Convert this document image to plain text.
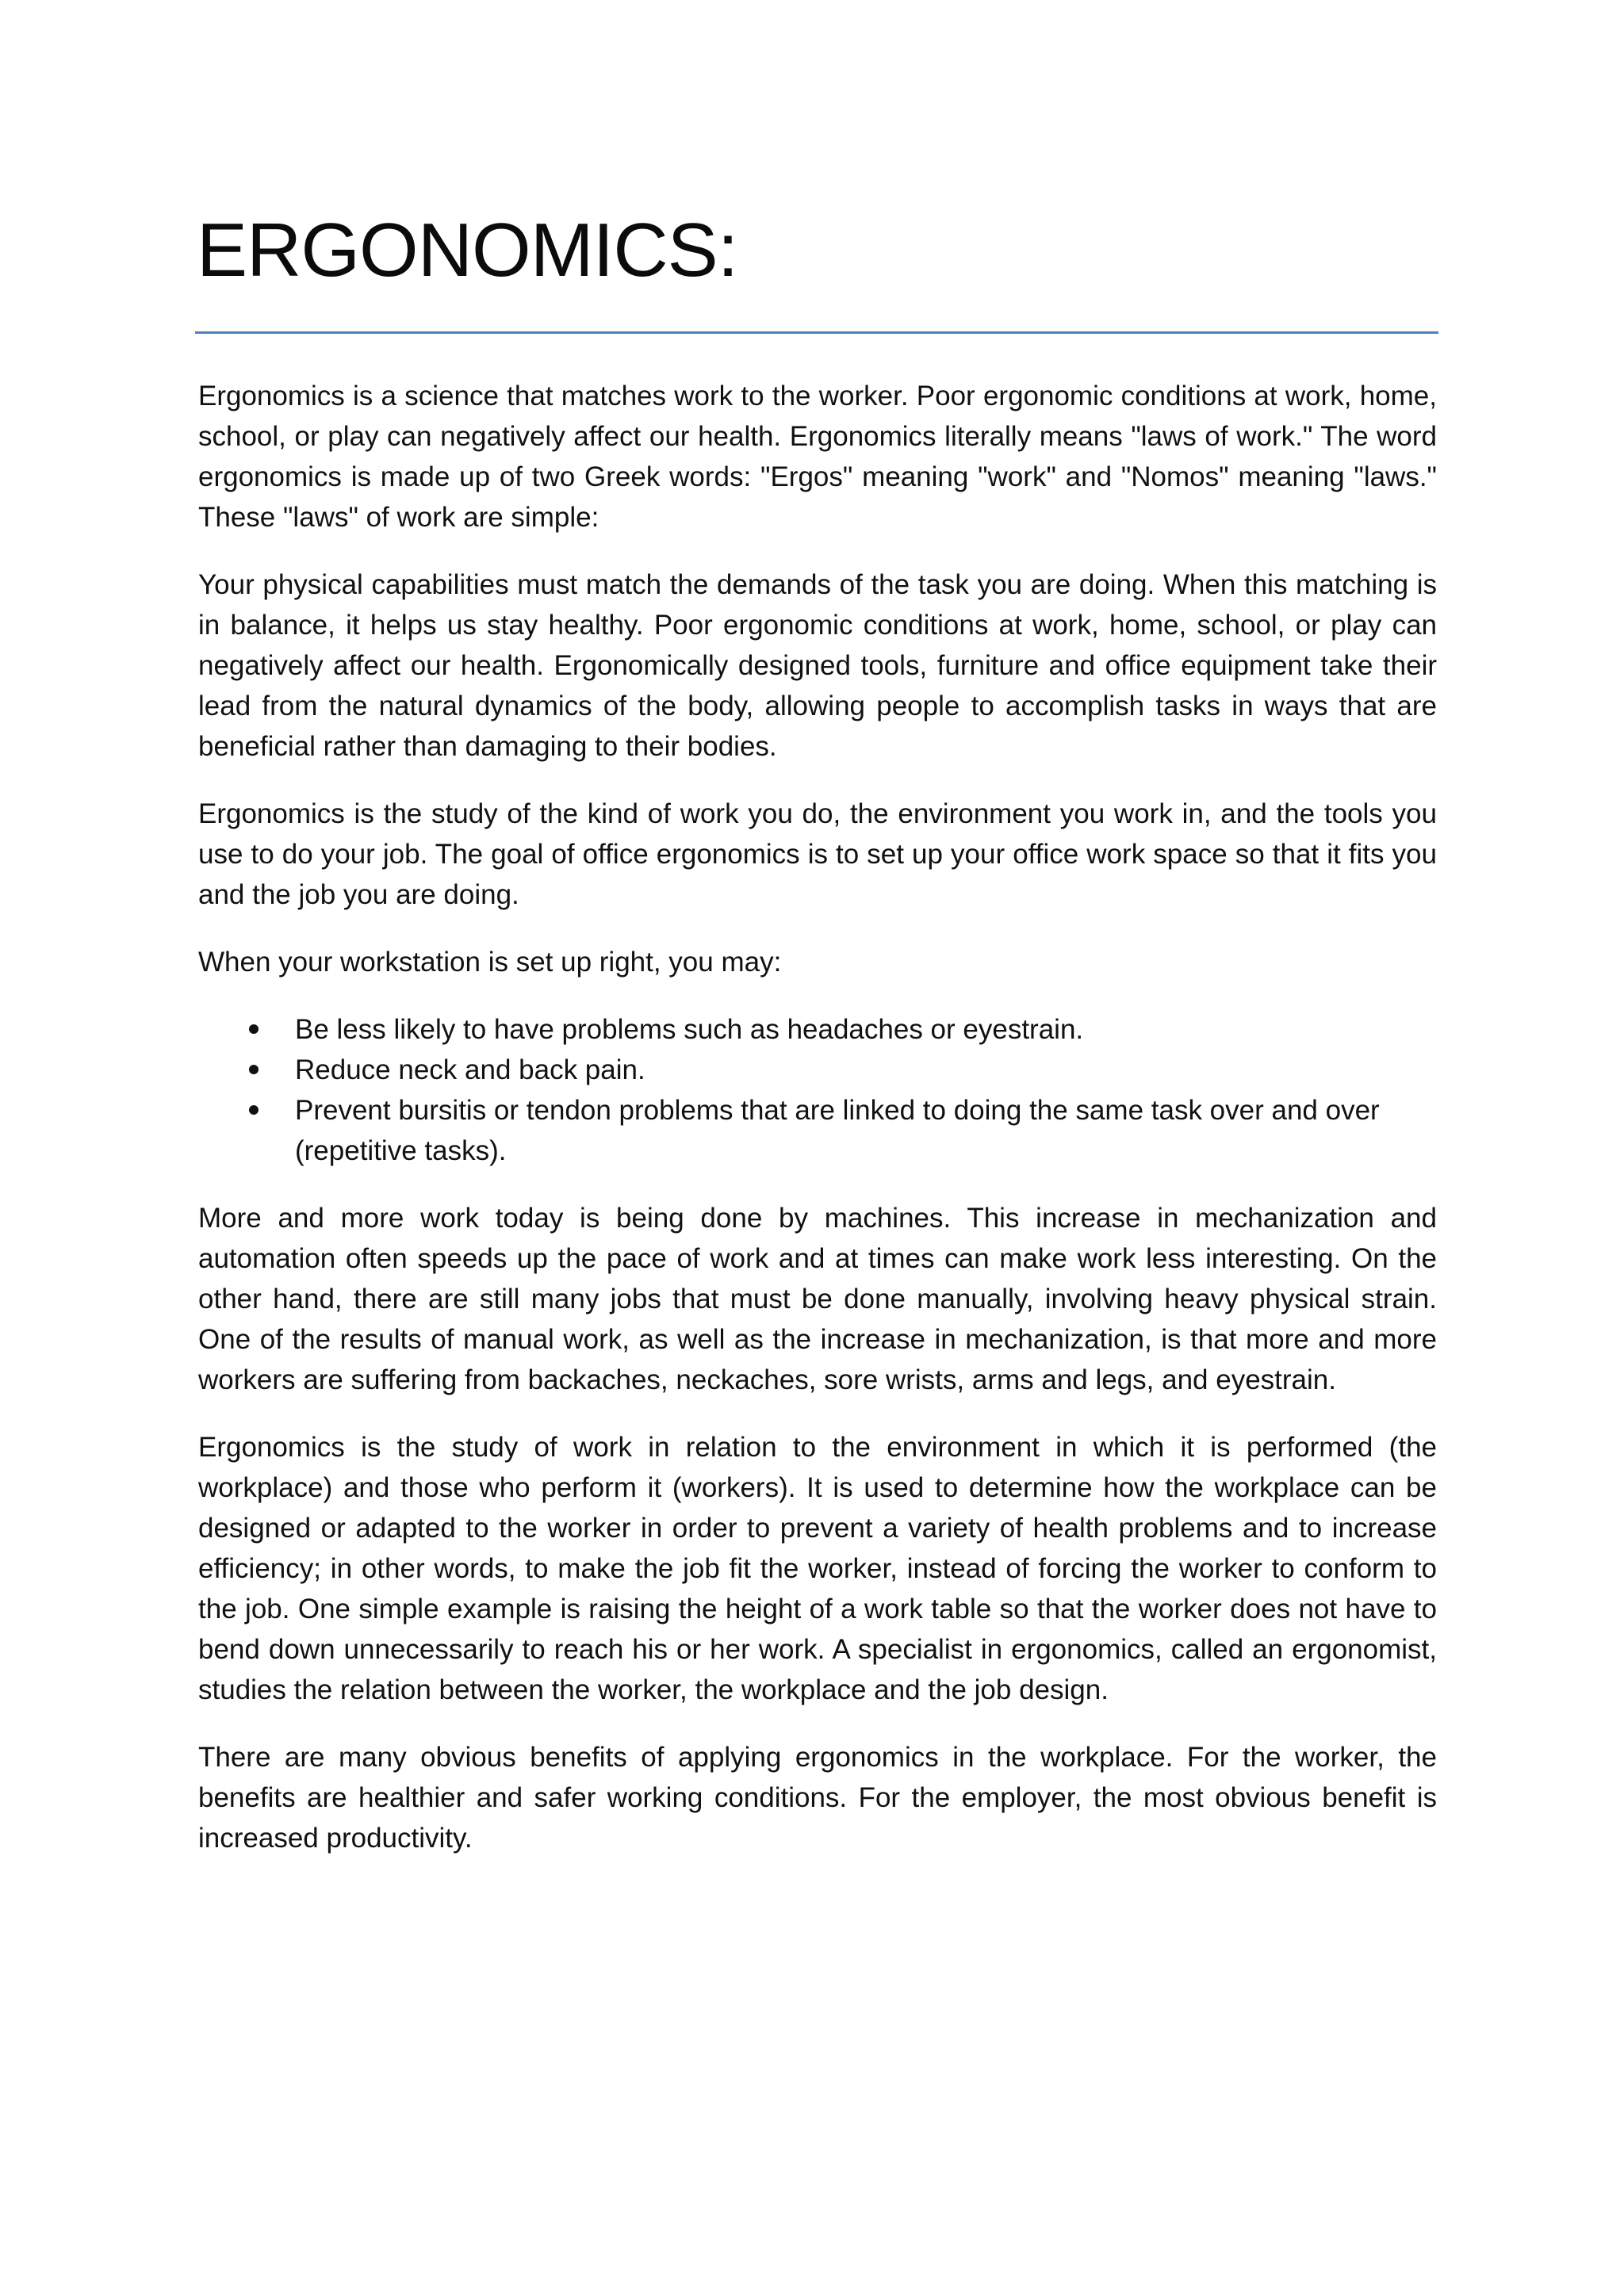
ERGONOMICS:

Ergonomics is a science that matches work to the worker. Poor ergonomic conditions at work, home, school, or play can negatively affect our health. Ergonomics literally means "laws of work." The word ergonomics is made up of two Greek words: "Ergos" meaning "work" and "Nomos" meaning "laws." These "laws" of work are simple:

Your physical capabilities must match the demands of the task you are doing. When this matching is in balance, it helps us stay healthy. Poor ergonomic conditions at work, home, school, or play can negatively affect our health. Ergonomically designed tools, furniture and office equipment take their lead from the natural dynamics of the body, allowing people to accomplish tasks in ways that are beneficial rather than damaging to their bodies.

Ergonomics is the study of the kind of work you do, the environment you work in, and the tools you use to do your job. The goal of office ergonomics is to set up your office work space so that it fits you and the job you are doing.

When your workstation is set up right, you may:

Be less likely to have problems such as headaches or eyestrain.
Reduce neck and back pain.
Prevent bursitis or tendon problems that are linked to doing the same task over and over (repetitive tasks).

More and more work today is being done by machines. This increase in mechanization and automation often speeds up the pace of work and at times can make work less interesting. On the other hand, there are still many jobs that must be done manually, involving heavy physical strain. One of the results of manual work, as well as the increase in mechanization, is that more and more workers are suffering from backaches, neckaches, sore wrists, arms and legs, and eyestrain.

Ergonomics is the study of work in relation to the environment in which it is performed (the workplace) and those who perform it (workers). It is used to determine how the workplace can be designed or adapted to the worker in order to prevent a variety of health problems and to increase efficiency; in other words, to make the job fit the worker, instead of forcing the worker to conform to the job. One simple example is raising the height of a work table so that the worker does not have to bend down unnecessarily to reach his or her work. A specialist in ergonomics, called an ergonomist, studies the relation between the worker, the workplace and the job design.

There are many obvious benefits of applying ergonomics in the workplace. For the worker, the benefits are healthier and safer working conditions. For the employer, the most obvious benefit is increased productivity.
